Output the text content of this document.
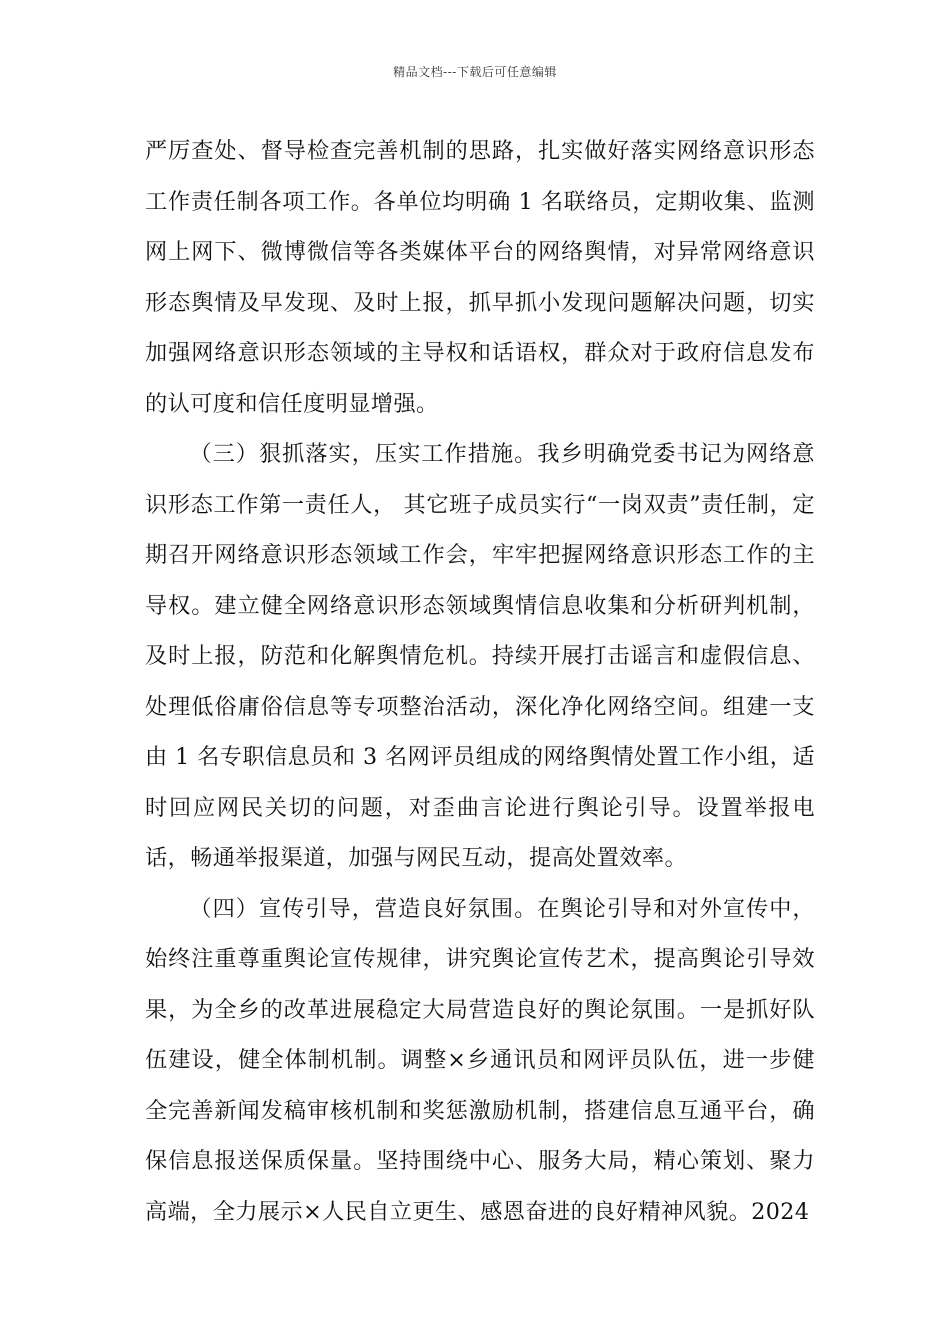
精品文档---下载后可任意编辑

严厉查处、督导检查完善机制的思路，扎实做好落实网络意识形态工作责任制各项工作。各单位均明确 1 名联络员，定期收集、监测网上网下、微博微信等各类媒体平台的网络舆情，对异常网络意识形态舆情及早发现、及时上报，抓早抓小发现问题解决问题，切实加强网络意识形态领域的主导权和话语权，群众对于政府信息发布的认可度和信任度明显增强。

（三）狠抓落实，压实工作措施。我乡明确党委书记为网络意识形态工作第一责任人， 其它班子成员实行“一岗双责”责任制，定期召开网络意识形态领域工作会，牢牢把握网络意识形态工作的主导权。建立健全网络意识形态领域舆情信息收集和分析研判机制，及时上报，防范和化解舆情危机。持续开展打击谣言和虚假信息、处理低俗庸俗信息等专项整治活动，深化净化网络空间。组建一支由 1 名专职信息员和 3 名网评员组成的网络舆情处置工作小组，适时回应网民关切的问题，对歪曲言论进行舆论引导。设置举报电话，畅通举报渠道，加强与网民互动，提高处置效率。

（四）宣传引导，营造良好氛围。在舆论引导和对外宣传中，始终注重尊重舆论宣传规律，讲究舆论宣传艺术，提高舆论引导效果，为全乡的改革进展稳定大局营造良好的舆论氛围。一是抓好队伍建设，健全体制机制。调整×乡通讯员和网评员队伍，进一步健全完善新闻发稿审核机制和奖惩激励机制，搭建信息互通平台，确保信息报送保质保量。坚持围绕中心、服务大局，精心策划、聚力高端，全力展示×人民自立更生、感恩奋进的良好精神风貌。2024
